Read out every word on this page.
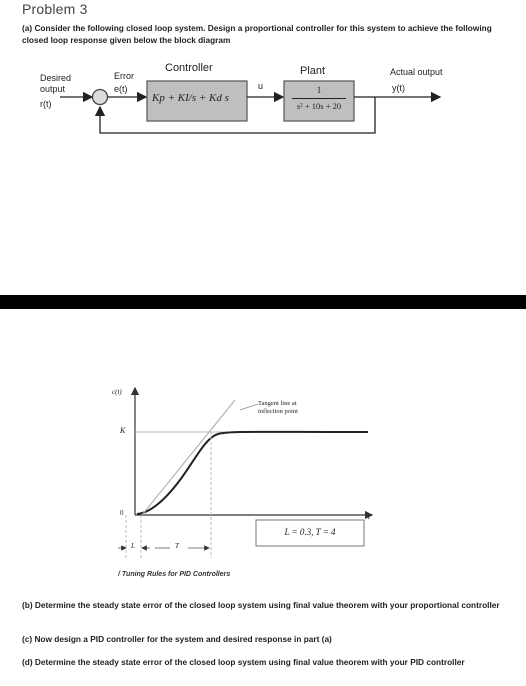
Problem 3
(a) Consider the following closed loop system. Design a proportional controller for this system to achieve the following closed loop response given below the block diagram
Desired
output
r(t)
Error
e(t)
Controller
Kp + KI/s + Kd s
u
Plant
1
s² + 10s + 20
Actual output
y(t)
c(t)
K
0	t
L	T
Tangent line at
inflection point
L = 0.3, T = 4
/ Tuning Rules for PID Controllers
(b) Determine the steady state error of the closed loop system using final value theorem with your proportional controller
(c) Now design a PID controller for the system and desired response in part (a)
(d) Determine the steady state error of the closed loop system using final value theorem with your PID controller
